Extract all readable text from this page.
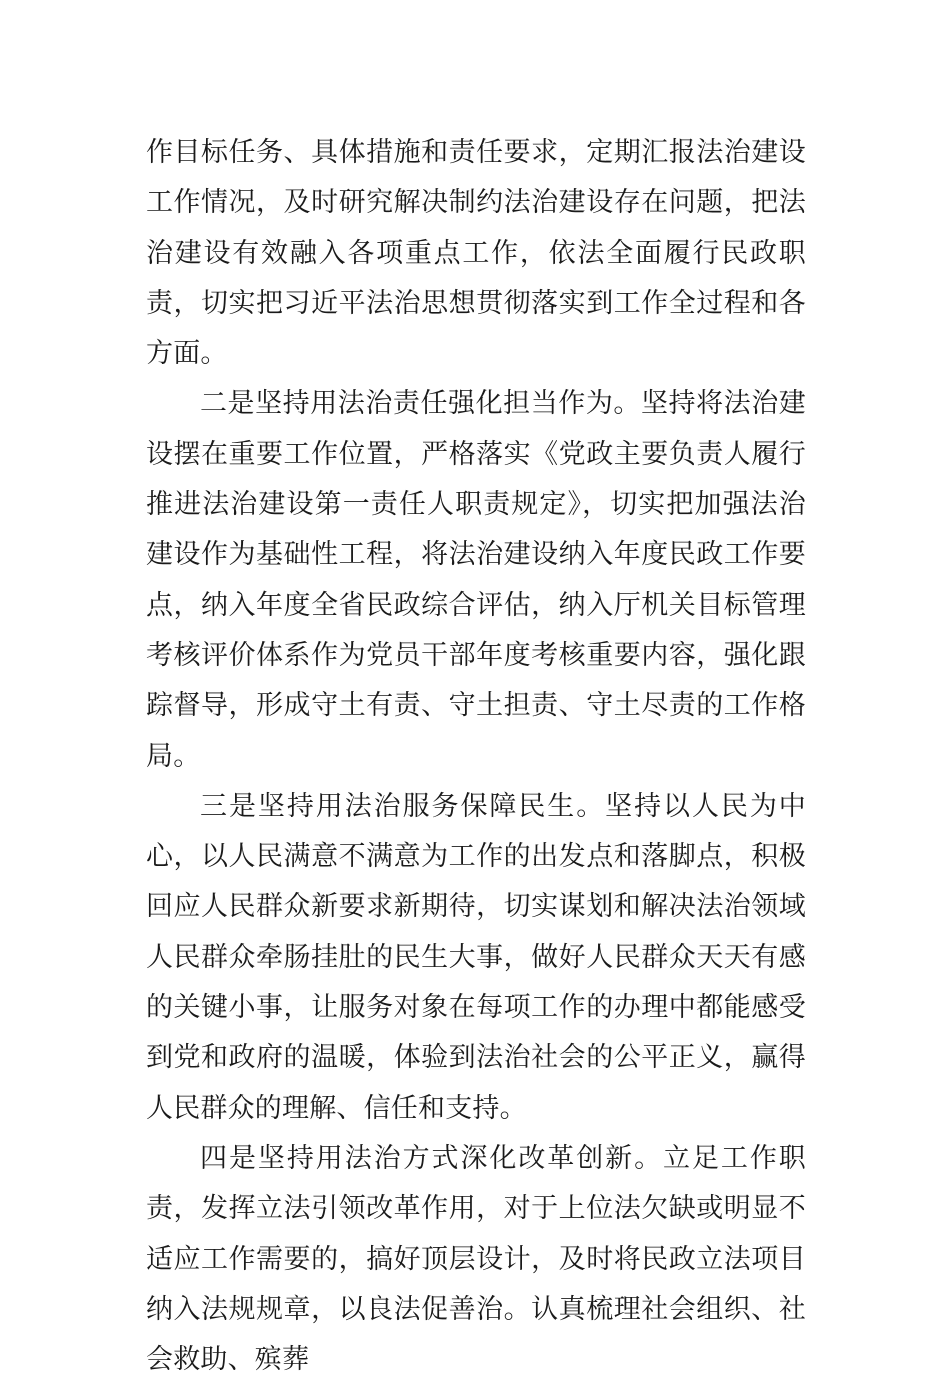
作目标任务、具体措施和责任要求，定期汇报法治建设工作情况，及时研究解决制约法治建设存在问题，把法治建设有效融入各项重点工作，依法全面履行民政职责，切实把习近平法治思想贯彻落实到工作全过程和各方面。

二是坚持用法治责任强化担当作为。坚持将法治建设摆在重要工作位置，严格落实《党政主要负责人履行推进法治建设第一责任人职责规定》，切实把加强法治建设作为基础性工程，将法治建设纳入年度民政工作要点，纳入年度全省民政综合评估，纳入厅机关目标管理考核评价体系作为党员干部年度考核重要内容，强化跟踪督导，形成守土有责、守土担责、守土尽责的工作格局。

三是坚持用法治服务保障民生。坚持以人民为中心，以人民满意不满意为工作的出发点和落脚点，积极回应人民群众新要求新期待，切实谋划和解决法治领域人民群众牵肠挂肚的民生大事，做好人民群众天天有感的关键小事，让服务对象在每项工作的办理中都能感受到党和政府的温暖，体验到法治社会的公平正义，赢得人民群众的理解、信任和支持。

四是坚持用法治方式深化改革创新。立足工作职责，发挥立法引领改革作用，对于上位法欠缺或明显不适应工作需要的，搞好顶层设计，及时将民政立法项目纳入法规规章，以良法促善治。认真梳理社会组织、社会救助、殡葬
